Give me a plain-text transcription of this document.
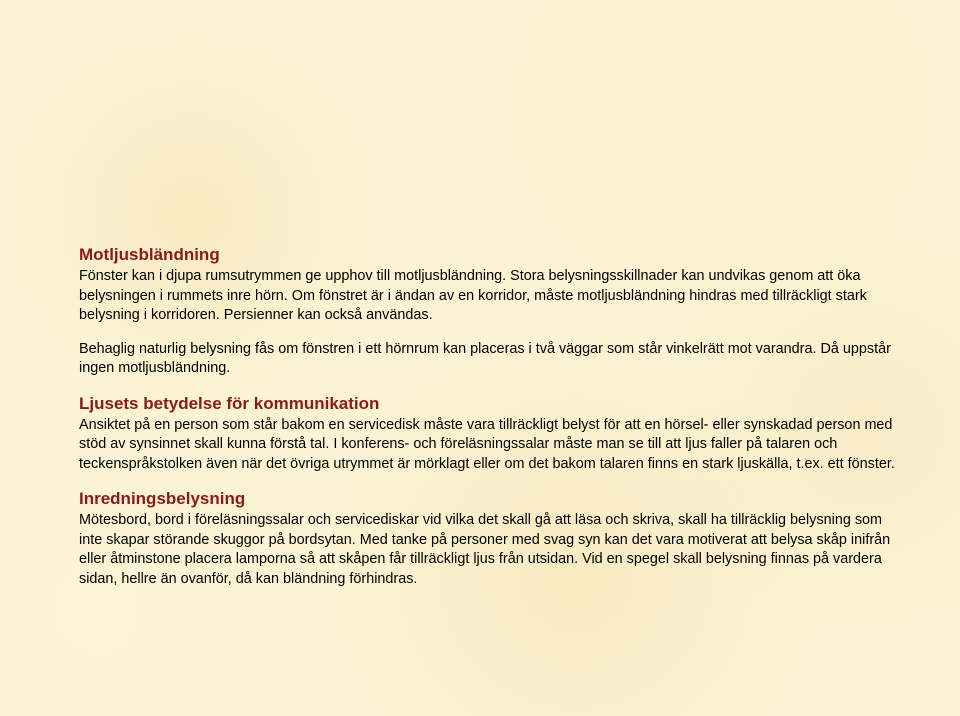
Motljusbländning

Fönster kan i djupa rumsutrymmen ge upphov till motljusbländning. Stora belysningsskillnader kan undvikas genom att öka belysningen i rummets inre hörn. Om fönstret är i ändan av en korridor, måste motljusbländning hindras med tillräckligt stark belysning i korridoren. Persienner kan också användas.

Behaglig naturlig belysning fås om fönstren i ett hörnrum kan placeras i två väggar som står vinkelrätt mot varandra. Då uppstår ingen motljusbländning.

Ljusets betydelse för kommunikation

Ansiktet på en person som står bakom en servicedisk måste vara tillräckligt belyst för att en hörsel- eller synskadad person med stöd av synsinnet skall kunna förstå tal. I konferens- och föreläsningssalar måste man se till att ljus faller på talaren och teckenspråkstolken även när det övriga utrymmet är mörklagt eller om det bakom talaren finns en stark ljuskälla, t.ex. ett fönster.

Inredningsbelysning

Mötesbord, bord i föreläsningssalar och servicediskar vid vilka det skall gå att läsa och skriva, skall ha tillräcklig belysning som inte skapar störande skuggor på bordsytan. Med tanke på personer med svag syn kan det vara motiverat att belysa skåp inifrån eller åtminstone placera lamporna så att skåpen får tillräckligt ljus från utsidan. Vid en spegel skall belysning finnas på vardera sidan, hellre än ovanför, då kan bländning förhindras.
